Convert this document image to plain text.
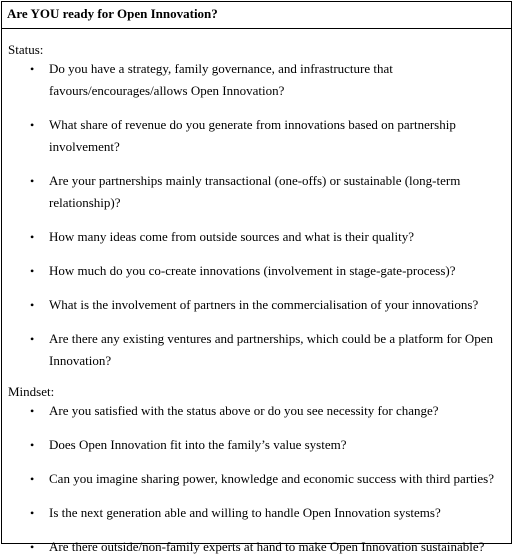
Are YOU ready for Open Innovation?
Status:
• Do you have a strategy, family governance, and infrastructure that favours/encourages/allows Open Innovation?
• What share of revenue do you generate from innovations based on partnership involvement?
• Are your partnerships mainly transactional (one-offs) or sustainable (long-term relationship)?
• How many ideas come from outside sources and what is their quality?
• How much do you co-create innovations (involvement in stage-gate-process)?
• What is the involvement of partners in the commercialisation of your innovations?
• Are there any existing ventures and partnerships, which could be a platform for Open Innovation?
Mindset:
• Are you satisfied with the status above or do you see necessity for change?
• Does Open Innovation fit into the family’s value system?
• Can you imagine sharing power, knowledge and economic success with third parties?
• Is the next generation able and willing to handle Open Innovation systems?
• Are there outside/non-family experts at hand to make Open Innovation sustainable?
